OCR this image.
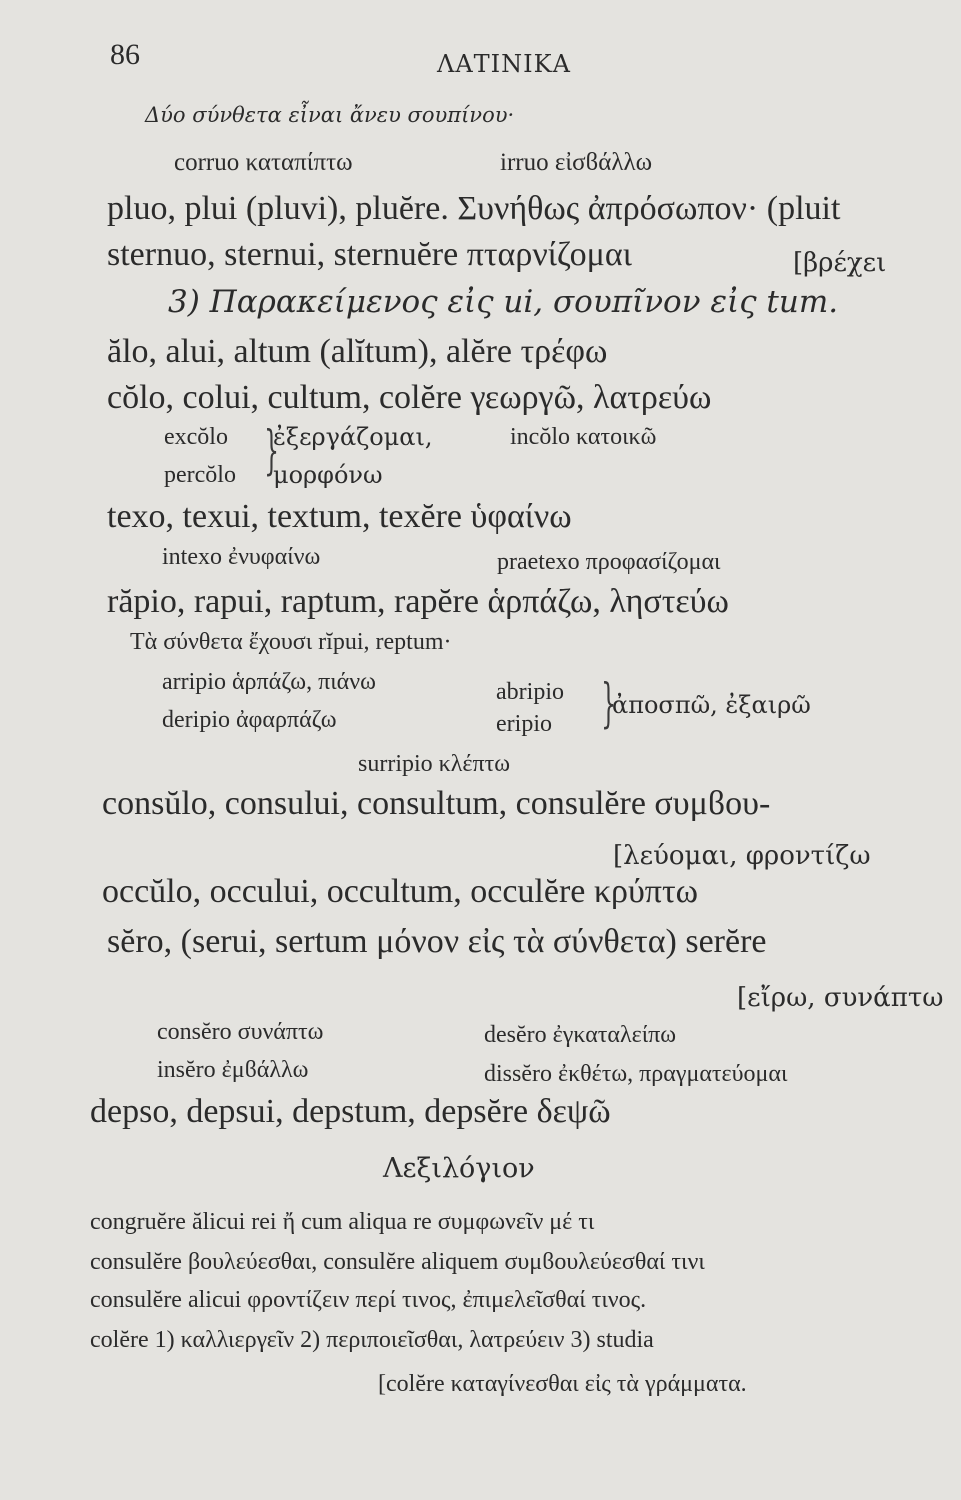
86	ΛΑΤΙΝΙΚΑ
Δύο σύνθετα εἶναι ἄνευ σουπίνου·
corruo καταπίπτω	irruo εἰσϐάλλω
pluo, plui (pluvi), pluĕre. Συνήθως ἀπρόσωπον· (pluit
sternuo, sternui, sternuĕre πταρνίζομαι	[βρέχει
3) Παρακείμενος εἰς ui, σουπῖνον εἰς tum.
ălo, alui, altum (alĭtum), alĕre τρέφω
cŏlo, colui, cultum, colĕre γεωργῶ, λατρεύω
excŏlo
percŏlo }
ἐξεργάζομαι,
μορφόνω
incŏlo κατοικῶ
texo, texui, textum, texĕre ὑφαίνω
intexo ἐνυφαίνω	praetexo προφασίζομαι
răpio, rapui, raptum, rapĕre ἁρπάζω, ληστεύω
Τὰ σύνθετα ἔχουσι rĭpui, reptum·
arripio ἁρπάζω, πιάνω
deripio ἀφαρπάζω
abripio
eripio }
ἀποσπῶ, ἐξαιρῶ
surripio κλέπτω
consŭlo, consului, consultum, consulĕre συμϐου-
[λεύομαι, φροντίζω
occŭlo, occului, occultum, occulĕre κρύπτω
sĕro, (serui, sertum μόνον εἰς τὰ σύνθετα) serĕre
[εἴρω, συνάπτω
consĕro συνάπτω	desĕro ἐγκαταλείπω
insĕro ἐμϐάλλω	dissĕro ἐκθέτω, πραγματεύομαι
depso, depsui, depstum, depsĕre δεψῶ
Λεξιλόγιον
congruĕre ălicui rei ἤ cum aliqua re συμφωνεῖν μέ τι
consulĕre βουλεύεσθαι, consulĕre aliquem συμϐουλεύεσθαί τινι
consulĕre alicui φροντίζειν περί τινος, ἐπιμελεῖσθαί τινος.
colĕre 1) καλλιεργεῖν 2) περιποιεῖσθαι, λατρεύειν 3) studia
[colĕre καταγίνεσθαι εἰς τὰ γράμματα.
